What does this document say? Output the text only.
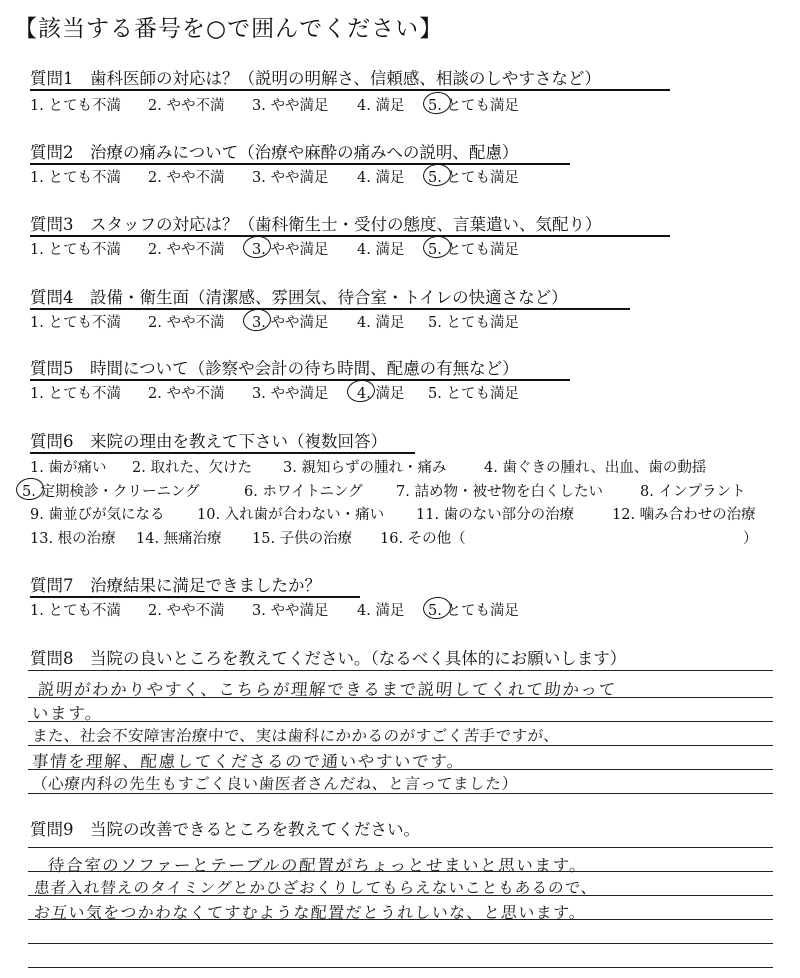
【該当する番号を○で囲んでください】
質問1　歯科医師の対応は？（説明の明解さ、信頼感、相談のしやすさなど）
1. とても不満 2. やや不満 3. やや満足 4. 満足 5. とても満足
質問2　治療の痛みについて（治療や麻酔の痛みへの説明、配慮）
1. とても不満 2. やや不満 3. やや満足 4. 満足 5. とても満足
質問3　スタッフの対応は？（歯科衛生士・受付の態度、言葉遣い、気配り）
1. とても不満 2. やや不満 3. やや満足 4. 満足 5. とても満足
質問4　設備・衛生面（清潔感、雰囲気、待合室・トイレの快適さなど）
1. とても不満 2. やや不満 3. やや満足 4. 満足 5. とても満足
質問5　時間について（診察や会計の待ち時間、配慮の有無など）
1. とても不満 2. やや不満 3. やや満足 4. 満足 5. とても満足
質問6　来院の理由を教えて下さい（複数回答）
1. 歯が痛い 2. 取れた、欠けた 3. 親知らずの腫れ・痛み	4. 歯ぐきの腫れ、出血、歯の動揺
5. 定期検診・クリーニング	6. ホワイトニング 7. 詰め物・被せ物を白くしたい	8. インプラント
9. 歯並びが気になる 10. 入れ歯が合わない・痛い 11. 歯のない部分の治療	12. 噛み合わせの治療
13. 根の治療 14. 無痛治療 15. 子供の治療 16. その他（	）
質問7　治療結果に満足できましたか？
1. とても不満 2. やや不満 3. やや満足 4. 満足 5. とても満足
質問8　当院の良いところを教えてください。（なるべく具体的にお願いします）
説明がわかりやすく、こちらが理解できるまで説明してくれて助かって
います。
また、社会不安障害治療中で、実は歯科にかかるのがすごく苦手ですが、
事情を理解、配慮してくださるので通いやすいです。
（心療内科の先生もすごく良い歯医者さんだね、と言ってました）
質問9　当院の改善できるところを教えてください。
待合室のソファーとテーブルの配置がちょっとせまいと思います。
患者入れ替えのタイミングとかひざおくりしてもらえないこともあるので、
お互い気をつかわなくてすむような配置だとうれしいな、と思います。
